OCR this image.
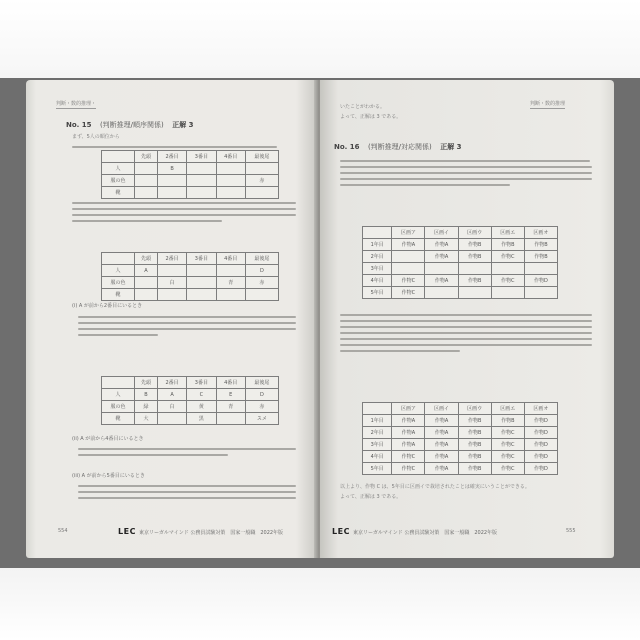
判断・数的推理・
No. 15 (判断推理/順序関係) 正解 3
まず、5人の順位から
	先頭	2番目	3番目	4番目	最後尾
人		B			
服の色					赤
靴					
	先頭	2番目	3番目	4番目	最後尾
人	A				D
服の色		白		青	赤
靴					
(i) A が前から2番目にいるとき
	先頭	2番目	3番目	4番目	最後尾
人	B	A	C	E	D
服の色	緑	白	黄	青	赤
靴	大		黒		スメ
(ii) A が前から4番目にいるとき
(iii) A が前から5番目にいるとき
554	LEC 東京リーガルマインド 公務員試験対策　国家一般職　2022年版
判断・数的推理
いたことがわかる。
よって、正解は 3 である。
No. 16 (判断推理/対応関係) 正解 3
	区画ア	区画イ	区画ウ	区画エ	区画オ
1年目	作物A	作物A	作物B	作物B	作物B
2年目		作物A	作物B	作物C	作物B
3年目					
4年目	作物C	作物A	作物B	作物C	作物D
5年目	作物C				
	区画ア	区画イ	区画ウ	区画エ	区画オ
1年目	作物A	作物A	作物B	作物B	作物D
2年目	作物A	作物A	作物B	作物C	作物D
3年目	作物A	作物A	作物B	作物C	作物D
4年目	作物C	作物A	作物B	作物C	作物D
5年目	作物C	作物A	作物B	作物C	作物D
以上より、作物 C は、5年目に区画イで栽培されたことは確実にいうことができる。
よって、正解は 3 である。
LEC 東京リーガルマインド 公務員試験対策　国家一般職　2022年版	555
